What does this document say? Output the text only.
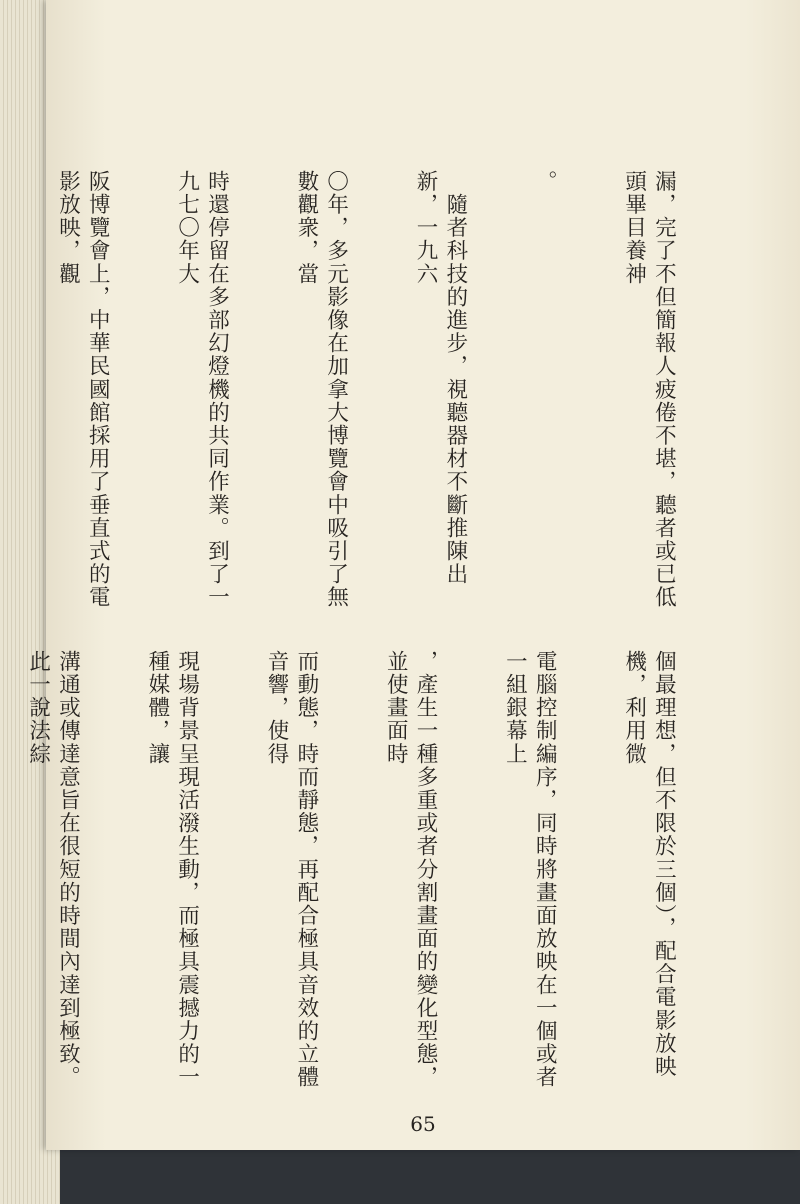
漏，完了不但簡報人疲倦不堪，聽者或已低頭畢目養神

。

　隨者科技的進步，視聽器材不斷推陳出新，一九六

〇年，多元影像在加拿大博覽會中吸引了無數觀衆，當

時還停留在多部幻燈機的共同作業。到了一九七〇年大

阪博覽會上，中華民國館採用了垂直式的電影放映，觀

個最理想，但不限於三個），配合電影放映機，利用微

電腦控制編序，同時將畫面放映在一個或者一組銀幕上

，產生一種多重或者分割畫面的變化型態，並使畫面時

而動態，時而靜態，再配合極具音效的立體音響，使得

現場背景呈現活潑生動，而極具震撼力的一種媒體，讓

溝通或傳達意旨在很短的時間內達到極致。此一說法綜

65
